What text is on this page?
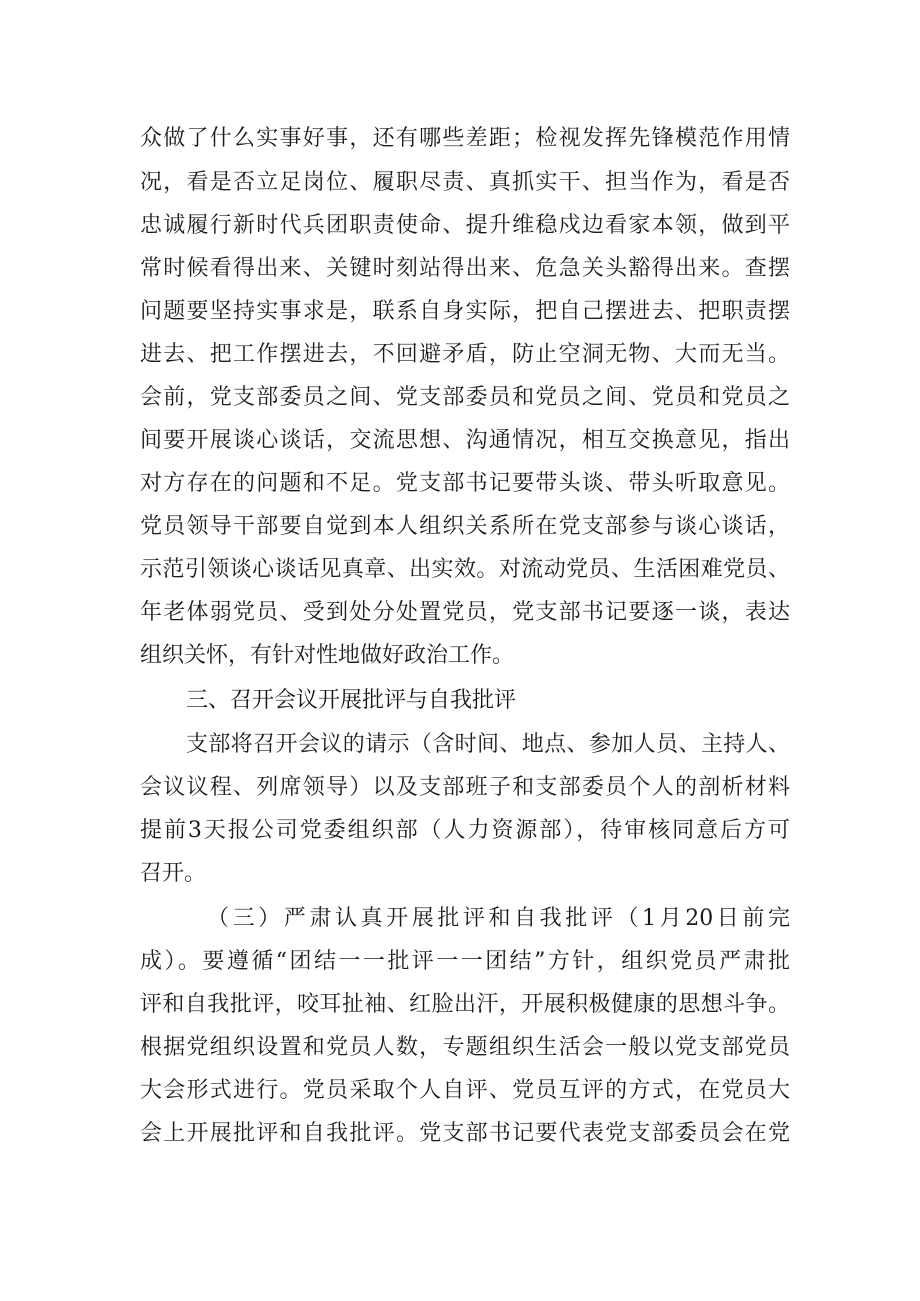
众做了什么实事好事，还有哪些差距；检视发挥先锋模范作用情
况，看是否立足岗位、履职尽责、真抓实干、担当作为，看是否
忠诚履行新时代兵团职责使命、提升维稳戍边看家本领，做到平
常时候看得出来、关键时刻站得出来、危急关头豁得出来。查摆
问题要坚持实事求是，联系自身实际，把自己摆进去、把职责摆
进去、把工作摆进去，不回避矛盾，防止空洞无物、大而无当。
会前，党支部委员之间、党支部委员和党员之间、党员和党员之
间要开展谈心谈话，交流思想、沟通情况，相互交换意见，指出
对方存在的问题和不足。党支部书记要带头谈、带头听取意见。
党员领导干部要自觉到本人组织关系所在党支部参与谈心谈话，
示范引领谈心谈话见真章、出实效。对流动党员、生活困难党员、
年老体弱党员、受到处分处置党员，党支部书记要逐一谈，表达
组织关怀，有针对性地做好政治工作。
三、召开会议开展批评与自我批评
支部将召开会议的请示（含时间、地点、参加人员、主持人、
会议议程、列席领导）以及支部班子和支部委员个人的剖析材料
提前3天报公司党委组织部（人力资源部），待审核同意后方可
召开。
（三）严肃认真开展批评和自我批评（1月20日前完
成）。要遵循“团结一一批评一一团结”方针，组织党员严肃批
评和自我批评，咬耳扯袖、红脸出汗，开展积极健康的思想斗争。
根据党组织设置和党员人数，专题组织生活会一般以党支部党员
大会形式进行。党员采取个人自评、党员互评的方式，在党员大
会上开展批评和自我批评。党支部书记要代表党支部委员会在党
